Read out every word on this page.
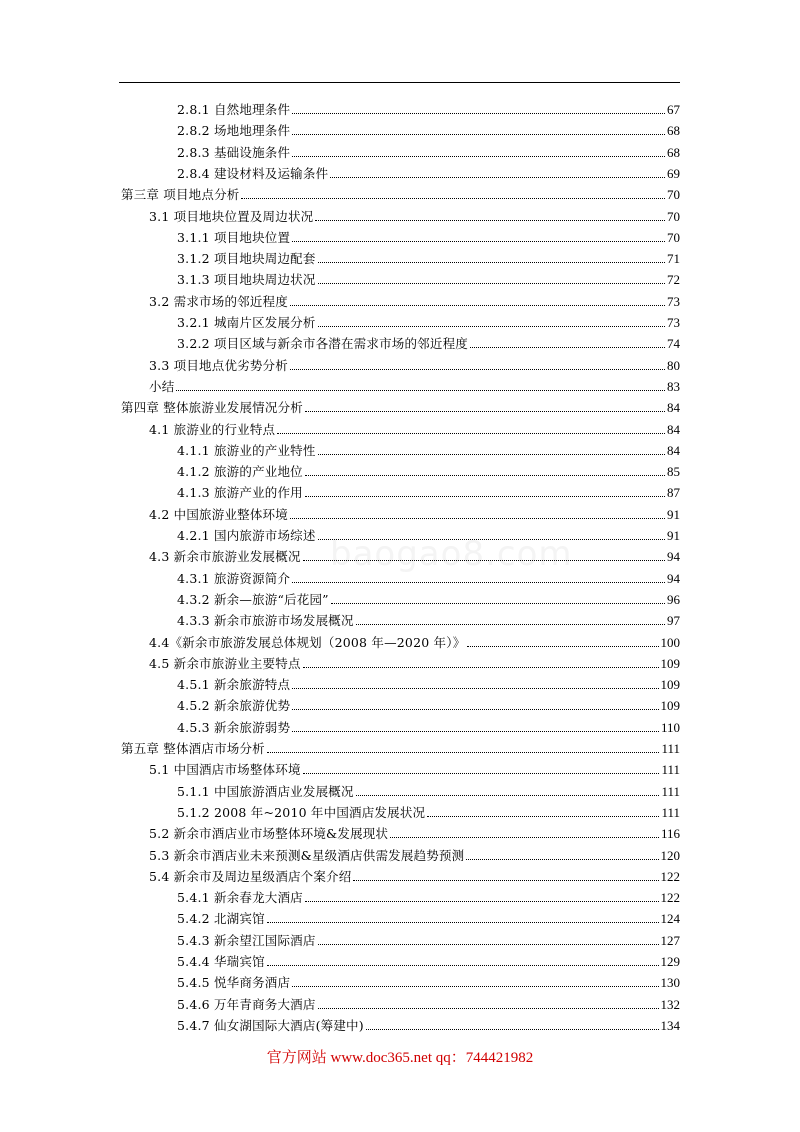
2.8.1 自然地理条件	67
2.8.2 场地地理条件	68
2.8.3 基础设施条件	68
2.8.4 建设材料及运输条件	69
第三章 项目地点分析	70
3.1 项目地块位置及周边状况	70
3.1.1 项目地块位置	70
3.1.2 项目地块周边配套	71
3.1.3 项目地块周边状况	72
3.2 需求市场的邻近程度	73
3.2.1 城南片区发展分析	73
3.2.2 项目区域与新余市各潜在需求市场的邻近程度	74
3.3 项目地点优劣势分析	80
小结	83
第四章 整体旅游业发展情况分析	84
4.1 旅游业的行业特点	84
4.1.1 旅游业的产业特性	84
4.1.2 旅游的产业地位	85
4.1.3 旅游产业的作用	87
4.2 中国旅游业整体环境	91
4.2.1 国内旅游市场综述	91
4.3 新余市旅游业发展概况	94
4.3.1 旅游资源简介	94
4.3.2 新余—旅游“后花园”	96
4.3.3 新余市旅游市场发展概况	97
4.4《新余市旅游发展总体规划（2008 年—2020 年）》	100
4.5 新余市旅游业主要特点	109
4.5.1 新余旅游特点	109
4.5.2 新余旅游优势	109
4.5.3 新余旅游弱势	110
第五章 整体酒店市场分析	111
5.1 中国酒店市场整体环境	111
5.1.1 中国旅游酒店业发展概况	111
5.1.2 2008 年~2010 年中国酒店发展状况	111
5.2 新余市酒店业市场整体环境&发展现状	116
5.3 新余市酒店业未来预测&星级酒店供需发展趋势预测	120
5.4 新余市及周边星级酒店个案介绍	122
5.4.1 新余春龙大酒店	122
5.4.2 北湖宾馆	124
5.4.3 新余望江国际酒店	127
5.4.4 华瑞宾馆	129
5.4.5 悦华商务酒店	130
5.4.6 万年青商务大酒店	132
5.4.7 仙女湖国际大酒店(筹建中)	134
baogao8.com
官方网站 www.doc365.net qq：744421982
